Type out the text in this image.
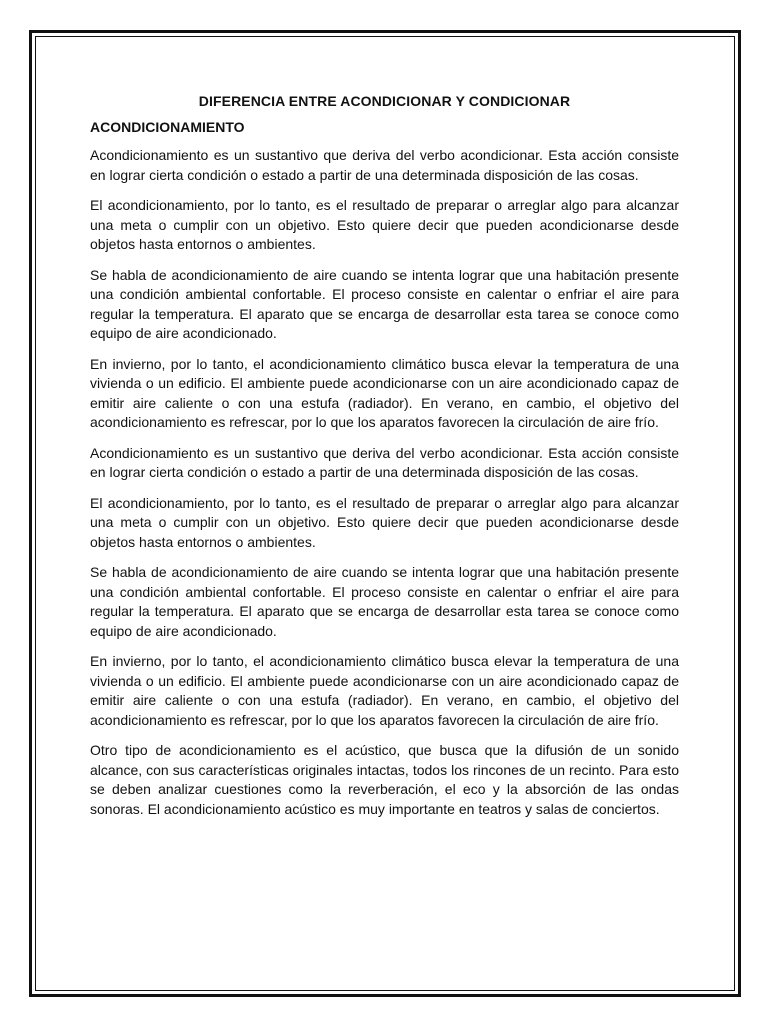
DIFERENCIA ENTRE ACONDICIONAR Y CONDICIONAR
ACONDICIONAMIENTO

Acondicionamiento es un sustantivo que deriva del verbo acondicionar. Esta acción consiste en lograr cierta condición o estado a partir de una determinada disposición de las cosas.

El acondicionamiento, por lo tanto, es el resultado de preparar o arreglar algo para alcanzar una meta o cumplir con un objetivo. Esto quiere decir que pueden acondicionarse desde objetos hasta entornos o ambientes.

Se habla de acondicionamiento de aire cuando se intenta lograr que una habitación presente una condición ambiental confortable. El proceso consiste en calentar o enfriar el aire para regular la temperatura. El aparato que se encarga de desarrollar esta tarea se conoce como equipo de aire acondicionado.

En invierno, por lo tanto, el acondicionamiento climático busca elevar la temperatura de una vivienda o un edificio. El ambiente puede acondicionarse con un aire acondicionado capaz de emitir aire caliente o con una estufa (radiador). En verano, en cambio, el objetivo del acondicionamiento es refrescar, por lo que los aparatos favorecen la circulación de aire frío.

Acondicionamiento es un sustantivo que deriva del verbo acondicionar. Esta acción consiste en lograr cierta condición o estado a partir de una determinada disposición de las cosas.

El acondicionamiento, por lo tanto, es el resultado de preparar o arreglar algo para alcanzar una meta o cumplir con un objetivo. Esto quiere decir que pueden acondicionarse desde objetos hasta entornos o ambientes.

Se habla de acondicionamiento de aire cuando se intenta lograr que una habitación presente una condición ambiental confortable. El proceso consiste en calentar o enfriar el aire para regular la temperatura. El aparato que se encarga de desarrollar esta tarea se conoce como equipo de aire acondicionado.

En invierno, por lo tanto, el acondicionamiento climático busca elevar la temperatura de una vivienda o un edificio. El ambiente puede acondicionarse con un aire acondicionado capaz de emitir aire caliente o con una estufa (radiador). En verano, en cambio, el objetivo del acondicionamiento es refrescar, por lo que los aparatos favorecen la circulación de aire frío.

Otro tipo de acondicionamiento es el acústico, que busca que la difusión de un sonido alcance, con sus características originales intactas, todos los rincones de un recinto. Para esto se deben analizar cuestiones como la reverberación, el eco y la absorción de las ondas sonoras. El acondicionamiento acústico es muy importante en teatros y salas de conciertos.
